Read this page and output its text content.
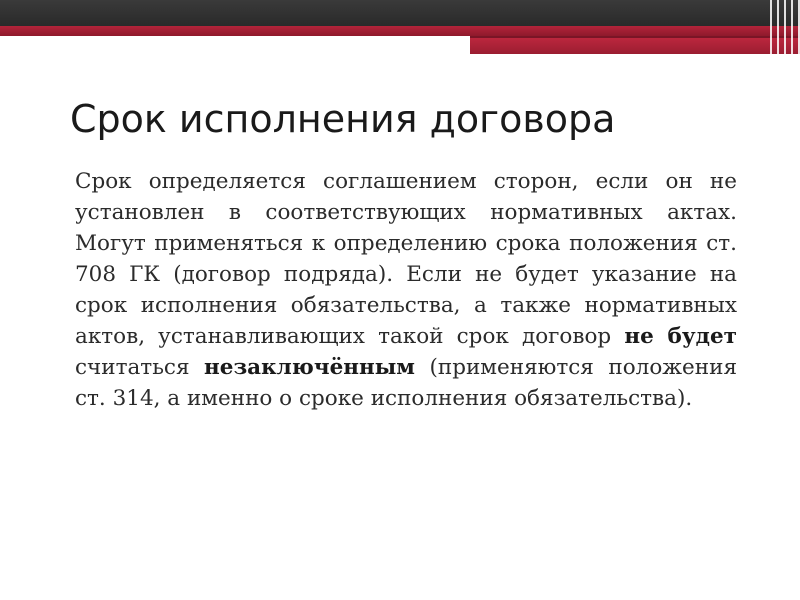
Срок исполнения договора

Срок определяется соглашением сторон, если он не установлен в соответствующих нормативных актах. Могут применяться к определению срока положения ст. 708 ГК (договор подряда). Если не будет указание на срок исполнения обязательства, а также нормативных актов, устанавливающих такой срок договор не будет считаться незаключённым (применяются положения ст. 314, а именно о сроке исполнения обязательства).
